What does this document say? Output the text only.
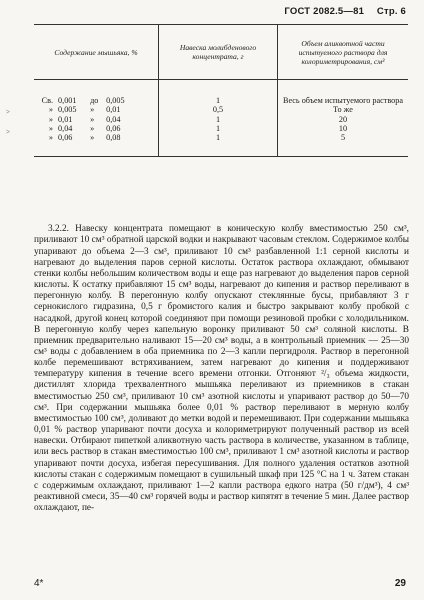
ГОСТ 2082.5—81 Стр. 6
>
>
Содержание мышьяка, %	Навеска молибденового концентрата, г	Объем аликвотной части испытуемого раствора для колориметрирования, см³

Св. 0,001 до 0,005	1	Весь объем испытуемого раствора
» 0,005 » 0,01	0,5	То же
» 0,01 » 0,04	1	20
» 0,04 » 0,06	1	10
» 0,06 » 0,08	1	5

3.2.2. Навеску концентрата помещают в коническую колбу вместимостью 250 см³, приливают 10 см³ обратной царской водки и накрывают часовым стеклом. Содержимое колбы упаривают до объема 2—3 см³, приливают 10 см³ разбавленной 1:1 серной кислоты и нагревают до выделения паров серной кислоты. Остаток раствора охлаждают, обмывают стенки колбы небольшим количеством воды и еще раз нагревают до выделения паров серной кислоты. К остатку прибавляют 15 см³ воды, нагревают до кипения и раствор переливают в перегонную колбу. В перегонную колбу опускают стеклянные бусы, прибавляют 3 г сернокислого гидразина, 0,5 г бромистого калия и быстро закрывают колбу пробкой с насадкой, другой конец которой соединяют при помощи резиновой пробки с холодильником. В перегонную колбу через капельную воронку приливают 50 см³ соляной кислоты. В приемник предварительно наливают 15—20 см³ воды, а в контрольный приемник — 25—30 см³ воды с добавлением в оба приемника по 2—3 капли пергидроля. Раствор в перегонной колбе перемешивают встряхиванием, затем нагревают до кипения и поддерживают температуру кипения в течение всего времени отгонки. Отгоняют ²/₃ объема жидкости, дистиллят хлорида трехвалентного мышьяка переливают из приемников в стакан вместимостью 250 см³, приливают 10 см³ азотной кислоты и упаривают раствор до 50—70 см³. При содержании мышьяка более 0,01 % раствор переливают в мерную колбу вместимостью 100 см³, доливают до метки водой и перемешивают. При содержании мышьяка 0,01 % раствор упаривают почти досуха и колориметрируют полученный раствор из всей навески. Отбирают пипеткой аликвотную часть раствора в количестве, указанном в таблице, или весь раствор в стакан вместимостью 100 см³, приливают 1 см³ азотной кислоты и раствор упаривают почти досуха, избегая пересушивания. Для полного удаления остатков азотной кислоты стакан с содержимым помещают в сушильный шкаф при 125 °С на 1 ч. Затем стакан с содержимым охлаждают, приливают 1—2 капли раствора едкого натра (50 г/дм³), 4 см³ реактивной смеси, 35—40 см³ горячей воды и раствор кипятят в течение 5 мин. Далее раствор охлаждают, пе-

4*	29
